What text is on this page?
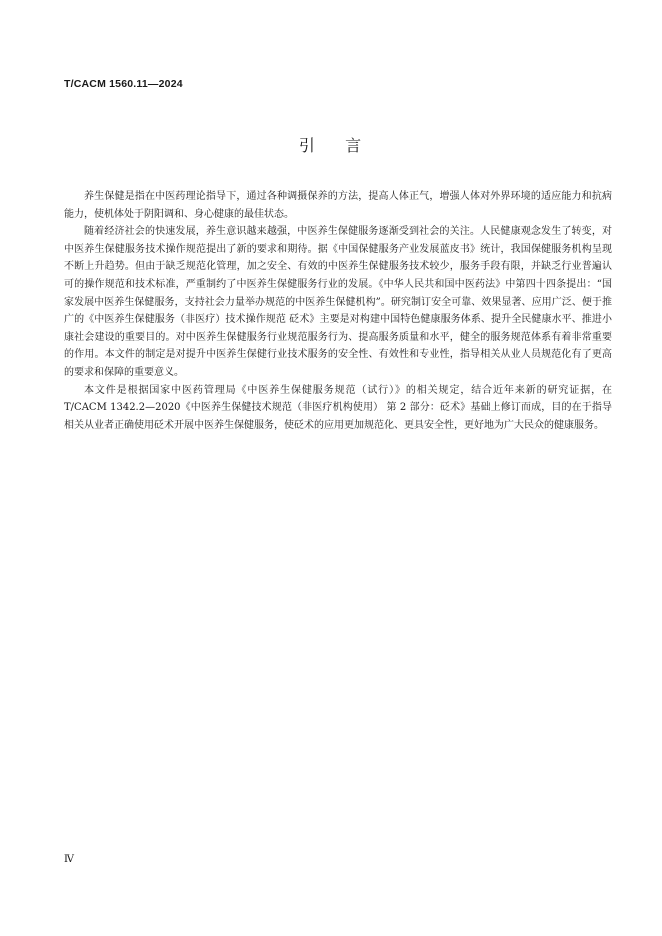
T/CACM 1560.11—2024
引    言

养生保健是指在中医药理论指导下，通过各种调摄保养的方法，提高人体正气，增强人体对外界环境的适应能力和抗病能力，使机体处于阴阳调和、身心健康的最佳状态。

随着经济社会的快速发展，养生意识越来越强，中医养生保健服务逐渐受到社会的关注。人民健康观念发生了转变，对中医养生保健服务技术操作规范提出了新的要求和期待。据《中国保健服务产业发展蓝皮书》统计，我国保健服务机构呈现不断上升趋势。但由于缺乏规范化管理，加之安全、有效的中医养生保健服务技术较少，服务手段有限，并缺乏行业普遍认可的操作规范和技术标准，严重制约了中医养生保健服务行业的发展。《中华人民共和国中医药法》中第四十四条提出：“国家发展中医养生保健服务，支持社会力量举办规范的中医养生保健机构”。研究制订安全可靠、效果显著、应用广泛、便于推广的《中医养生保健服务（非医疗）技术操作规范 砭术》主要是对构建中国特色健康服务体系、提升全民健康水平、推进小康社会建设的重要目的。对中医养生保健服务行业规范服务行为、提高服务质量和水平，健全的服务规范体系有着非常重要的作用。本文件的制定是对提升中医养生保健行业技术服务的安全性、有效性和专业性，指导相关从业人员规范化有了更高的要求和保障的重要意义。

本文件是根据国家中医药管理局《中医养生保健服务规范（试行）》的相关规定，结合近年来新的研究证据，在 T/CACM 1342.2—2020《中医养生保健技术规范（非医疗机构使用） 第 2 部分：砭术》基础上修订而成，目的在于指导相关从业者正确使用砭术开展中医养生保健服务，使砭术的应用更加规范化、更具安全性，更好地为广大民众的健康服务。

Ⅳ
